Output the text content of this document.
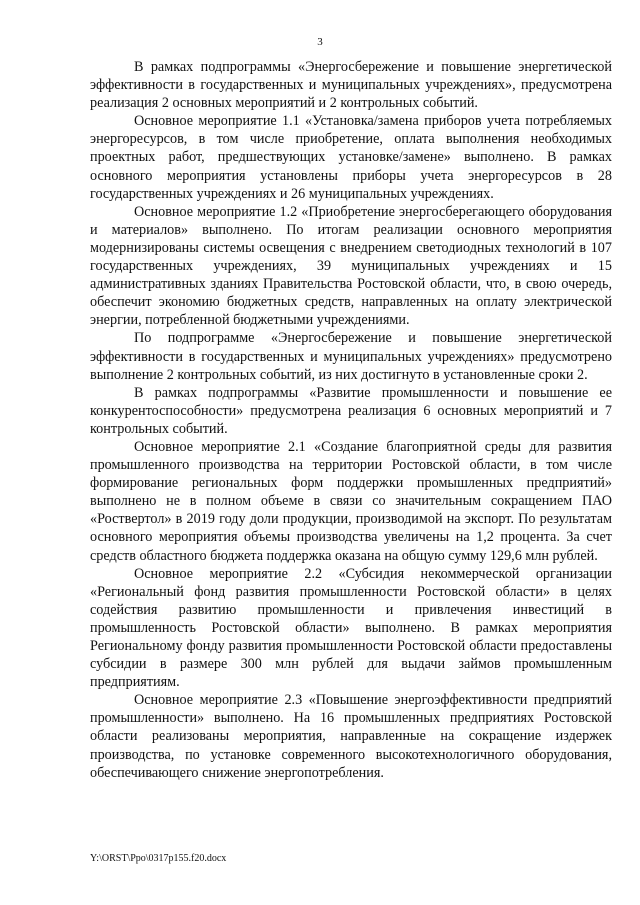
3

В рамках подпрограммы «Энергосбережение и повышение энергетической эффективности в государственных и муниципальных учреждениях», предусмотрена реализация 2 основных мероприятий и 2 контрольных событий.

Основное мероприятие 1.1 «Установка/замена приборов учета потребляемых энергоресурсов, в том числе приобретение, оплата выполнения необходимых проектных работ, предшествующих установке/замене» выполнено. В рамках основного мероприятия установлены приборы учета энергоресурсов в 28 государственных учреждениях и 26 муниципальных учреждениях.

Основное мероприятие 1.2 «Приобретение энергосберегающего оборудования и материалов» выполнено. По итогам реализации основного мероприятия модернизированы системы освещения с внедрением светодиодных технологий в 107 государственных учреждениях, 39 муниципальных учреждениях и 15 административных зданиях Правительства Ростовской области, что, в свою очередь, обеспечит экономию бюджетных средств, направленных на оплату электрической энергии, потребленной бюджетными учреждениями.

По подпрограмме «Энергосбережение и повышение энергетической эффективности в государственных и муниципальных учреждениях» предусмотрено выполнение 2 контрольных событий, из них достигнуто в установленные сроки 2.

В рамках подпрограммы «Развитие промышленности и повышение ее конкурентоспособности» предусмотрена реализация 6 основных мероприятий и 7 контрольных событий.

Основное мероприятие 2.1 «Создание благоприятной среды для развития промышленного производства на территории Ростовской области, в том числе формирование региональных форм поддержки промышленных предприятий» выполнено не в полном объеме в связи со значительным сокращением ПАО «Роствертол» в 2019 году доли продукции, производимой на экспорт. По результатам основного мероприятия объемы производства увеличены на 1,2 процента. За счет средств областного бюджета поддержка оказана на общую сумму 129,6 млн рублей.

Основное мероприятие 2.2 «Субсидия некоммерческой организации «Региональный фонд развития промышленности Ростовской области» в целях содействия развитию промышленности и привлечения инвестиций в промышленность Ростовской области» выполнено. В рамках мероприятия Региональному фонду развития промышленности Ростовской области предоставлены субсидии в размере 300 млн рублей для выдачи займов промышленным предприятиям.

Основное мероприятие 2.3 «Повышение энергоэффективности предприятий промышленности» выполнено. На 16 промышленных предприятиях Ростовской области реализованы мероприятия, направленные на сокращение издержек производства, по установке современного высокотехнологичного оборудования, обеспечивающего снижение энергопотребления.

Y:\ORST\Ppo\0317p155.f20.docx
